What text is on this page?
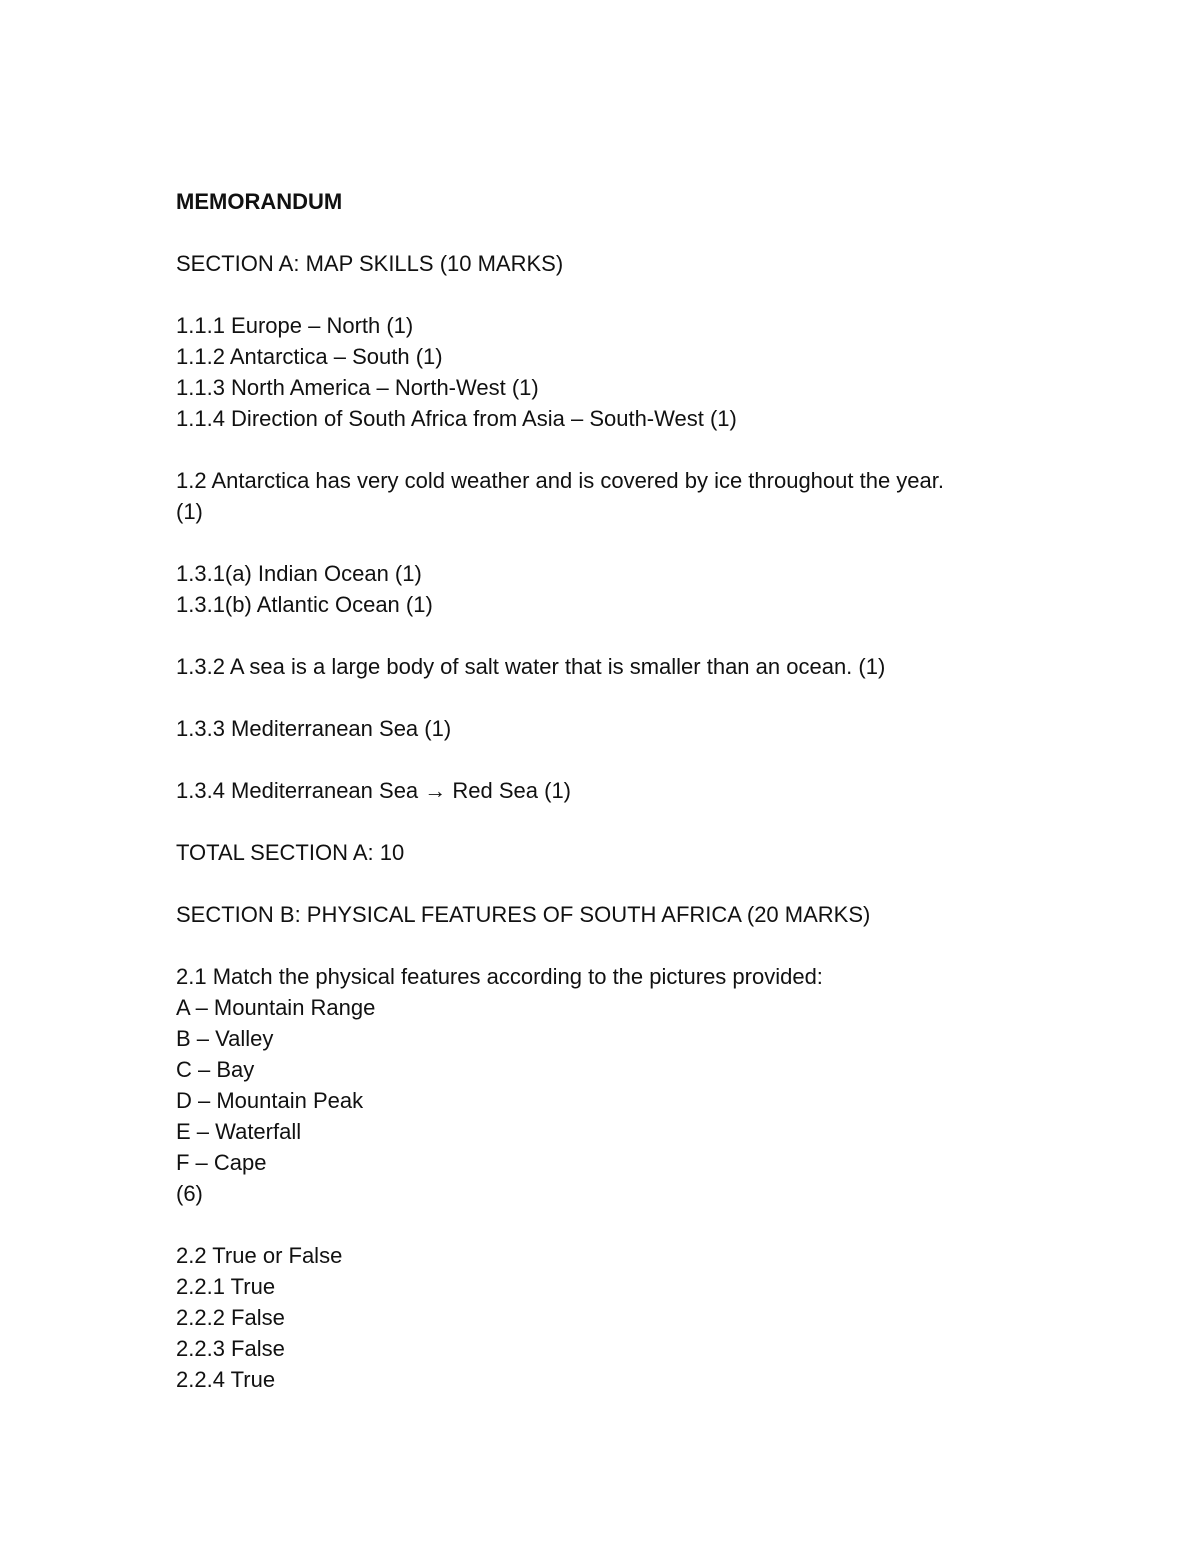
MEMORANDUM
SECTION A: MAP SKILLS (10 MARKS)
1.1.1 Europe – North (1)
1.1.2 Antarctica – South (1)
1.1.3 North America – North-West (1)
1.1.4 Direction of South Africa from Asia – South-West (1)
1.2 Antarctica has very cold weather and is covered by ice throughout the year.
(1)
1.3.1(a) Indian Ocean (1)
1.3.1(b) Atlantic Ocean (1)
1.3.2 A sea is a large body of salt water that is smaller than an ocean. (1)
1.3.3 Mediterranean Sea (1)
1.3.4 Mediterranean Sea → Red Sea (1)
TOTAL SECTION A: 10
SECTION B: PHYSICAL FEATURES OF SOUTH AFRICA (20 MARKS)
2.1 Match the physical features according to the pictures provided:
A – Mountain Range
B – Valley
C – Bay
D – Mountain Peak
E – Waterfall
F – Cape
(6)
2.2 True or False
2.2.1 True
2.2.2 False
2.2.3 False
2.2.4 True
